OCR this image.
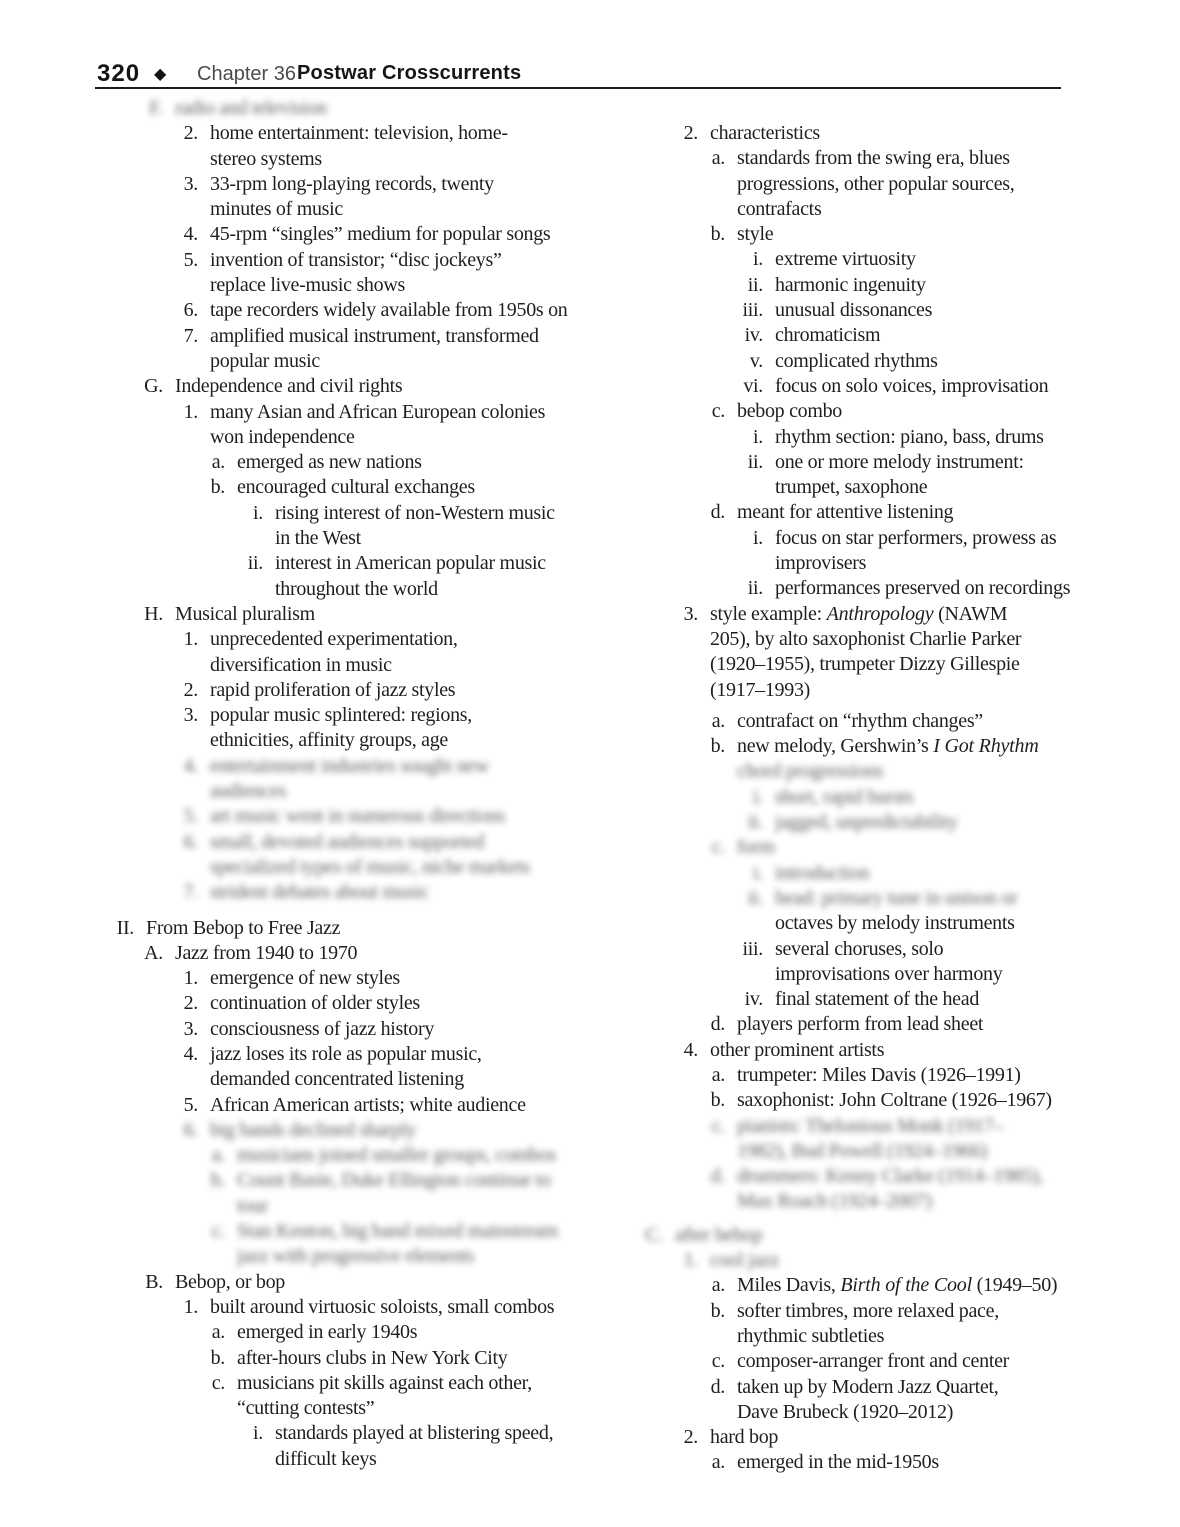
320 ◆ Chapter 36 Postwar Crosscurrents
F. radio and television
2. home entertainment: television, home-
stereo systems
3. 33-rpm long-playing records, twenty
minutes of music
4. 45-rpm “singles” medium for popular songs
5. invention of transistor; “disc jockeys”
replace live-music shows
6. tape recorders widely available from 1950s on
7. amplified musical instrument, transformed
popular music
G. Independence and civil rights
1. many Asian and African European colonies
won independence
a. emerged as new nations
b. encouraged cultural exchanges
i. rising interest of non-Western music
in the West
ii. interest in American popular music
throughout the world
H. Musical pluralism
1. unprecedented experimentation,
diversification in music
2. rapid proliferation of jazz styles
3. popular music splintered: regions,
ethnicities, affinity groups, age
4. entertainment industries sought new
audiences
5. art music went in numerous directions
6. small, devoted audiences supported
specialized types of music, niche markets
7. strident debates about music
II. From Bebop to Free Jazz
A. Jazz from 1940 to 1970
1. emergence of new styles
2. continuation of older styles
3. consciousness of jazz history
4. jazz loses its role as popular music,
demanded concentrated listening
5. African American artists; white audience
6. big bands declined sharply
a. musicians joined smaller groups, combos
b. Count Basie, Duke Ellington continue to
tour
c. Stan Kenton, big band mixed mainstream
jazz with progressive elements
B. Bebop, or bop
1. built around virtuosic soloists, small combos
a. emerged in early 1940s
b. after-hours clubs in New York City
c. musicians pit skills against each other,
“cutting contests”
i. standards played at blistering speed,
difficult keys
2. characteristics
a. standards from the swing era, blues
progressions, other popular sources,
contrafacts
b. style
i. extreme virtuosity
ii. harmonic ingenuity
iii. unusual dissonances
iv. chromaticism
v. complicated rhythms
vi. focus on solo voices, improvisation
c. bebop combo
i. rhythm section: piano, bass, drums
ii. one or more melody instrument:
trumpet, saxophone
d. meant for attentive listening
i. focus on star performers, prowess as
improvisers
ii. performances preserved on recordings
3. style example: Anthropology (NAWM
205), by alto saxophonist Charlie Parker
(1920–1955), trumpeter Dizzy Gillespie
(1917–1993)
a. contrafact on “rhythm changes”
b. new melody, Gershwin’s I Got Rhythm
chord progressions
i. short, rapid bursts
ii. jagged, unpredictability
c. form
i. introduction
ii. head: primary tune in unison or
octaves by melody instruments
iii. several choruses, solo
improvisations over harmony
iv. final statement of the head
d. players perform from lead sheet
4. other prominent artists
a. trumpeter: Miles Davis (1926–1991)
b. saxophonist: John Coltrane (1926–1967)
c. pianists: Thelonious Monk (1917–
1982), Bud Powell (1924–1966)
d. drummers: Kenny Clarke (1914–1985),
Max Roach (1924–2007)
C. after bebop
1. cool jazz
a. Miles Davis, Birth of the Cool (1949–50)
b. softer timbres, more relaxed pace,
rhythmic subtleties
c. composer-arranger front and center
d. taken up by Modern Jazz Quartet,
Dave Brubeck (1920–2012)
2. hard bop
a. emerged in the mid-1950s
